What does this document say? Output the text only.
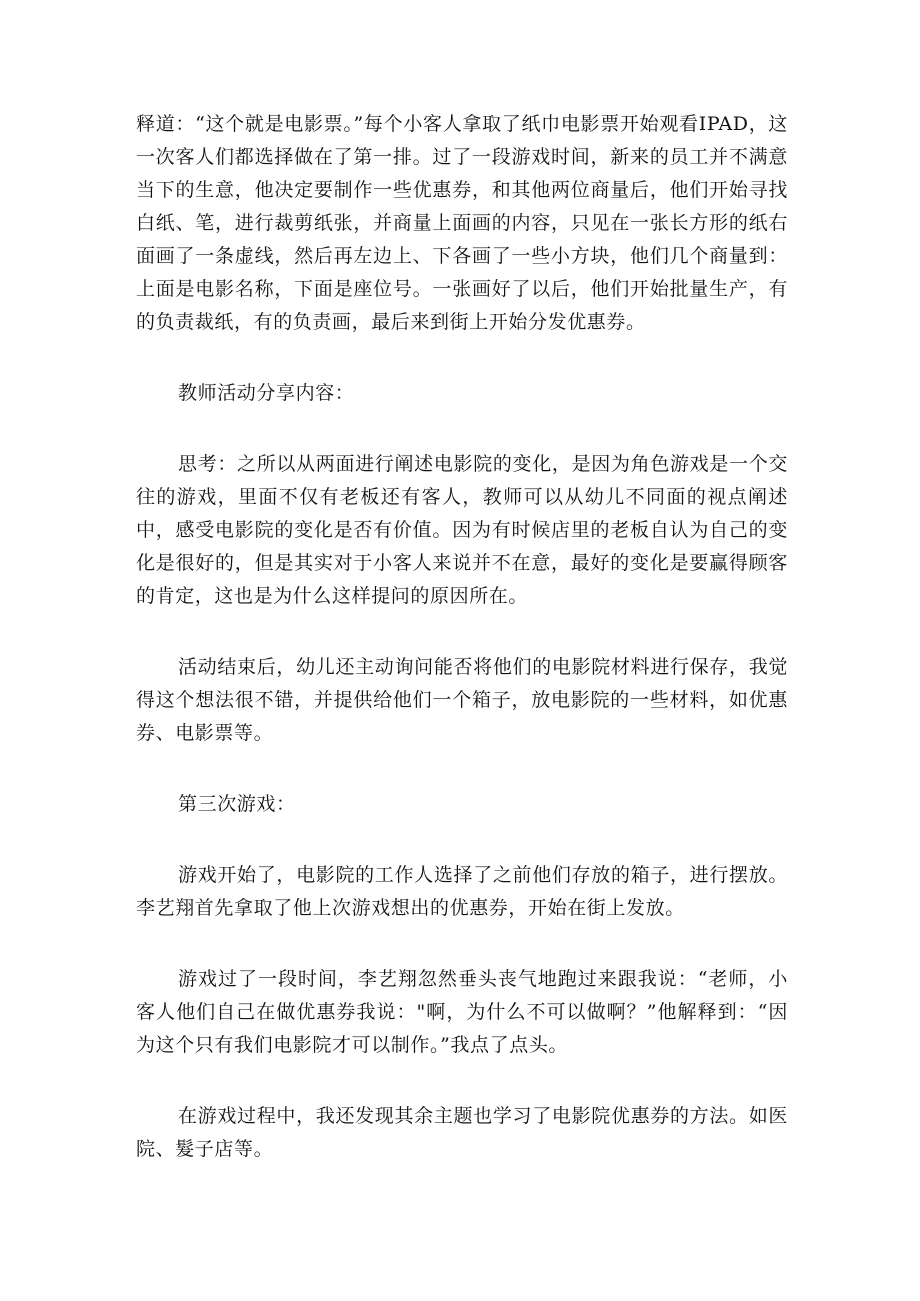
释道：“这个就是电影票。”每个小客人拿取了纸巾电影票开始观看IPAD，这一次客人们都选择做在了第一排。过了一段游戏时间，新来的员工并不满意当下的生意，他决定要制作一些优惠券，和其他两位商量后，他们开始寻找白纸、笔，进行裁剪纸张，并商量上面画的内容，只见在一张长方形的纸右面画了一条虚线，然后再左边上、下各画了一些小方块，他们几个商量到：上面是电影名称，下面是座位号。一张画好了以后，他们开始批量生产，有的负责裁纸，有的负责画，最后来到街上开始分发优惠券。

教师活动分享内容：

思考：之所以从两面进行阐述电影院的变化，是因为角色游戏是一个交往的游戏，里面不仅有老板还有客人，教师可以从幼儿不同面的视点阐述中，感受电影院的变化是否有价值。因为有时候店里的老板自认为自己的变化是很好的，但是其实对于小客人来说并不在意，最好的变化是要赢得顾客的肯定，这也是为什么这样提问的原因所在。

活动结束后，幼儿还主动询问能否将他们的电影院材料进行保存，我觉得这个想法很不错，并提供给他们一个箱子，放电影院的一些材料，如优惠券、电影票等。

第三次游戏：

游戏开始了，电影院的工作人选择了之前他们存放的箱子，进行摆放。李艺翔首先拿取了他上次游戏想出的优惠券，开始在街上发放。

游戏过了一段时间，李艺翔忽然垂头丧气地跑过来跟我说：“老师，小客人他们自己在做优惠券我说："啊，为什么不可以做啊？”他解释到：“因为这个只有我们电影院才可以制作。”我点了点头。

在游戏过程中，我还发现其余主题也学习了电影院优惠券的方法。如医院、髮子店等。
